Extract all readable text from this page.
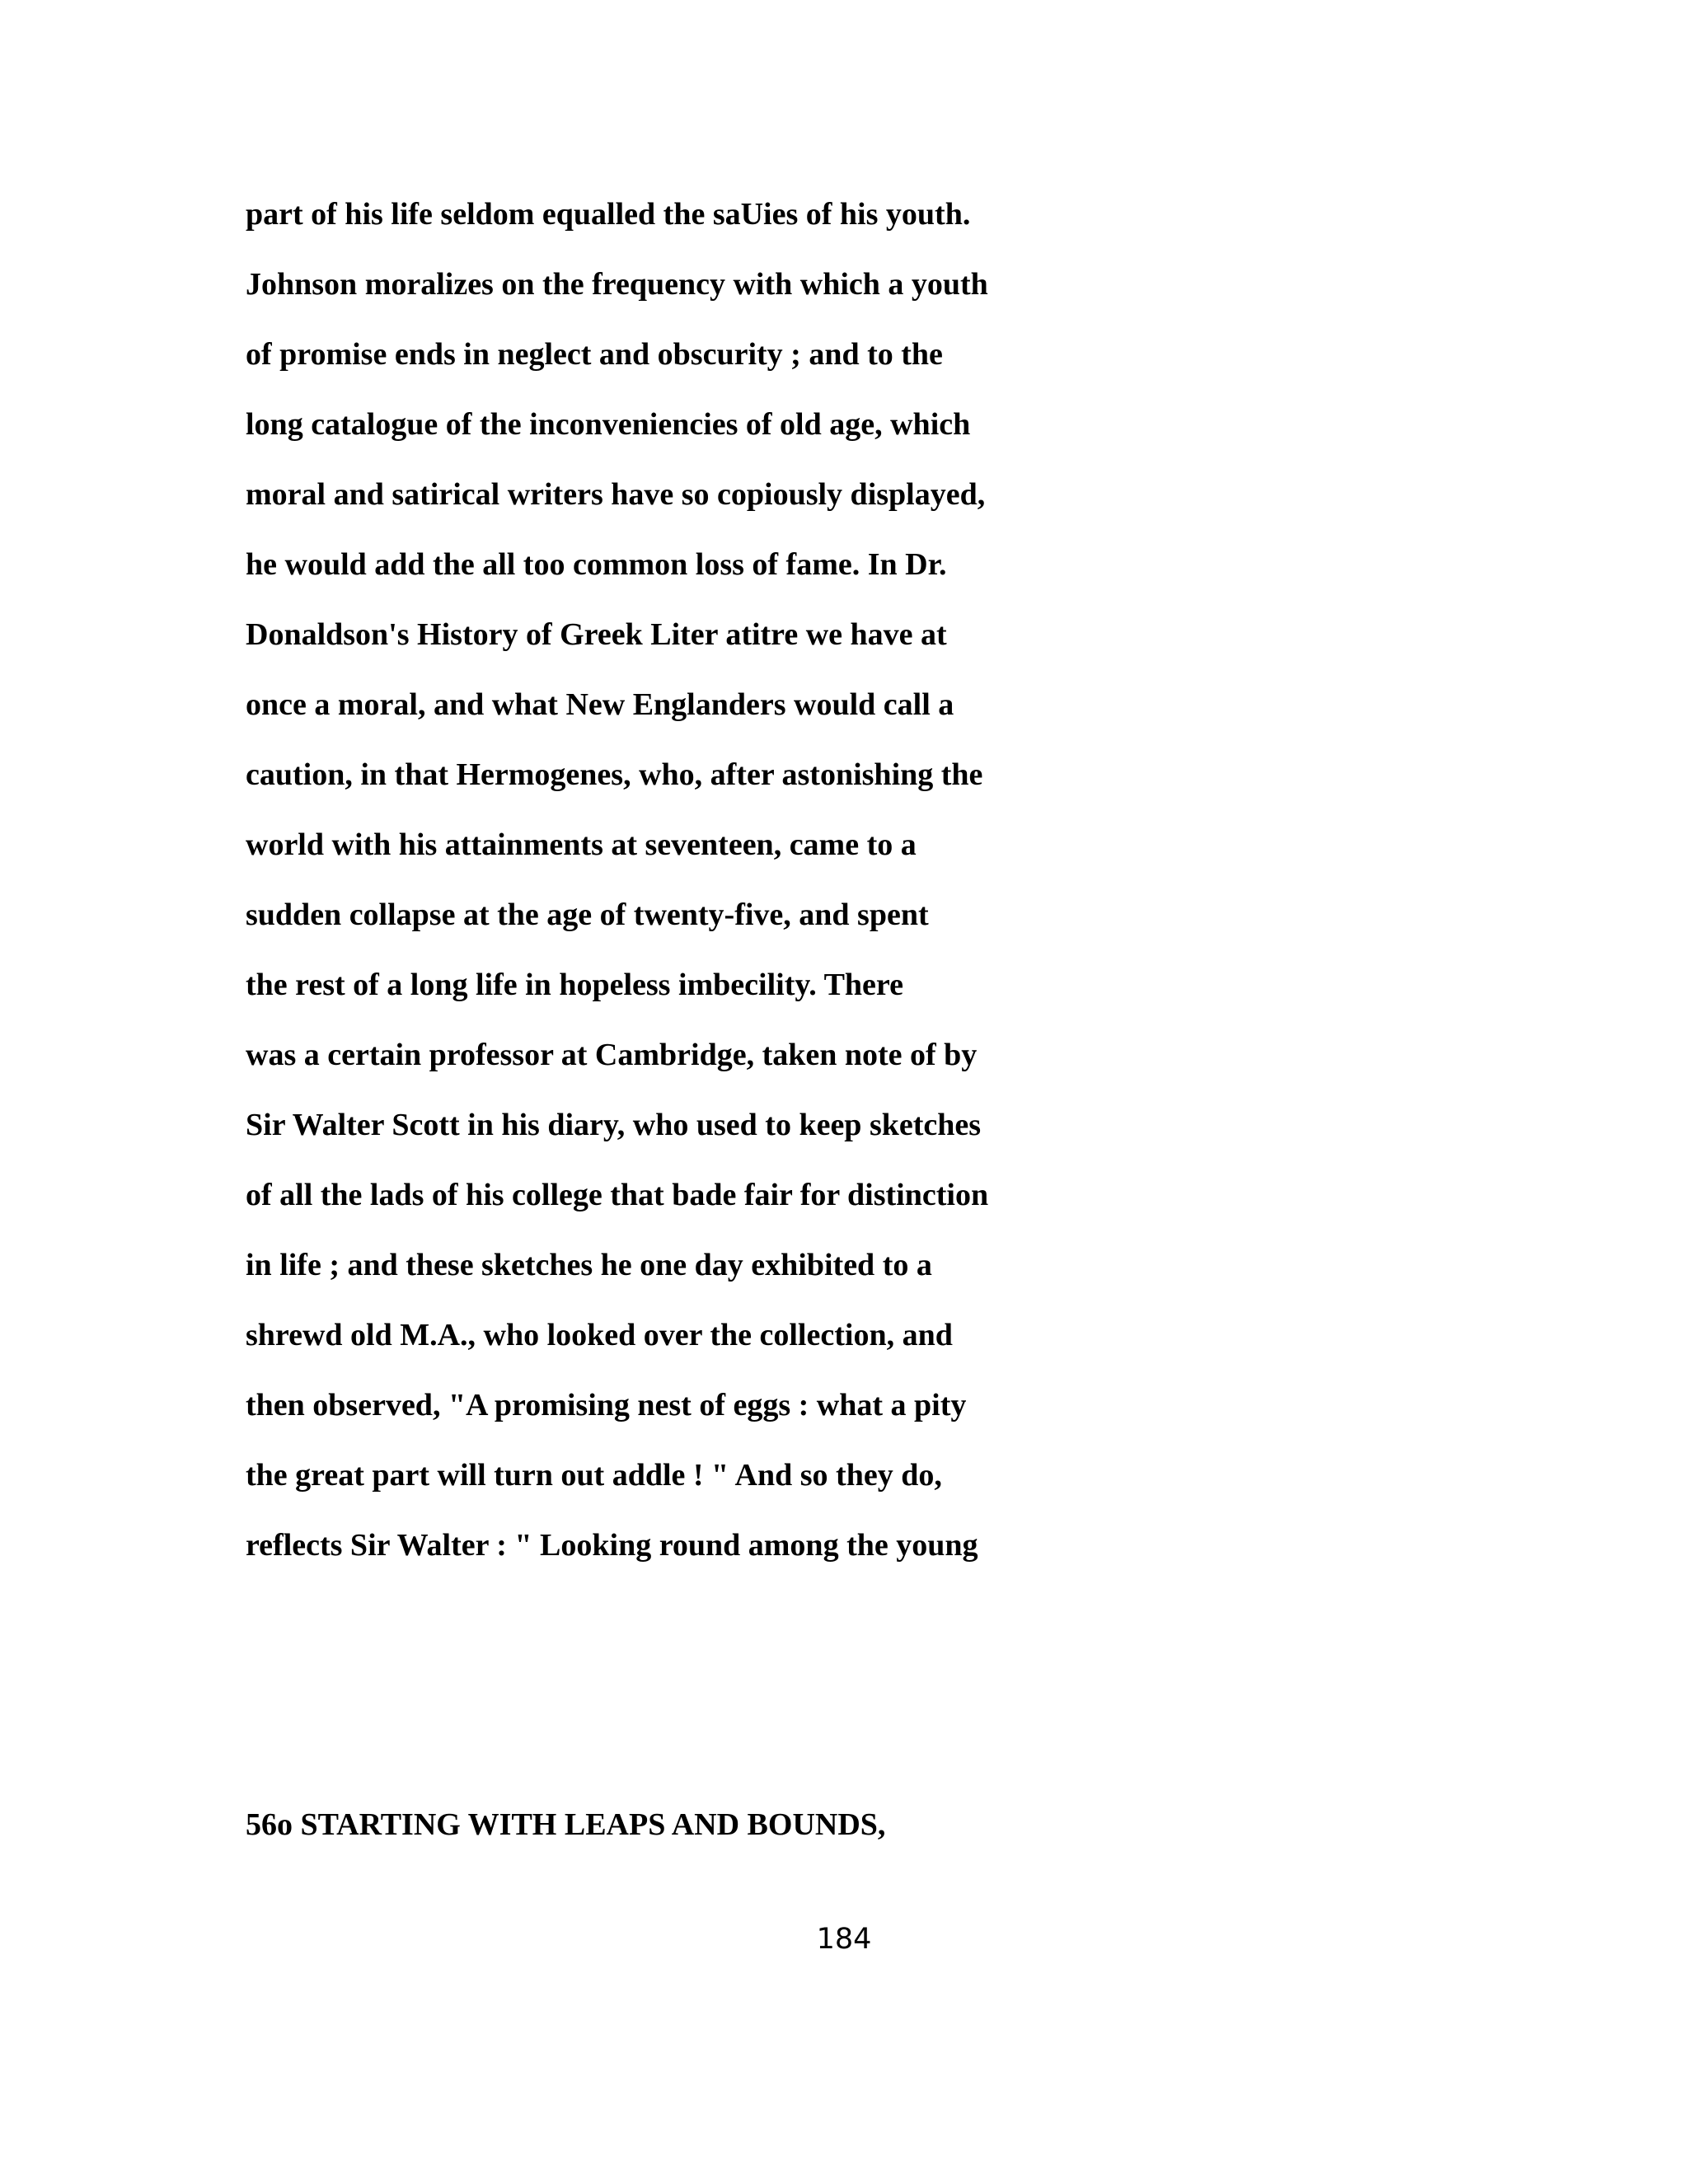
part of his life seldom equalled the saUies of his youth.
Johnson moralizes on the frequency with which a youth
of promise ends in neglect and obscurity ; and to the
long catalogue of the inconveniencies of old age, which
moral and satirical writers have so copiously displayed,
he would add the all too common loss of fame. In Dr.
Donaldson's History of Greek Liter atitre we have at
once a moral, and what New Englanders would call a
caution, in that Hermogenes, who, after astonishing the
world with his attainments at seventeen, came to a
sudden collapse at the age of twenty-five, and spent
the rest of a long life in hopeless imbecility. There
was a certain professor at Cambridge, taken note of by
Sir Walter Scott in his diary, who used to keep sketches
of all the lads of his college that bade fair for distinction
in life ; and these sketches he one day exhibited to a
shrewd old M.A., who looked over the collection, and
then observed, "A promising nest of eggs : what a pity
the great part will turn out addle ! " And so they do,
reflects Sir Walter : " Looking round among the young
56o STARTING WITH LEAPS AND BOUNDS,
184
